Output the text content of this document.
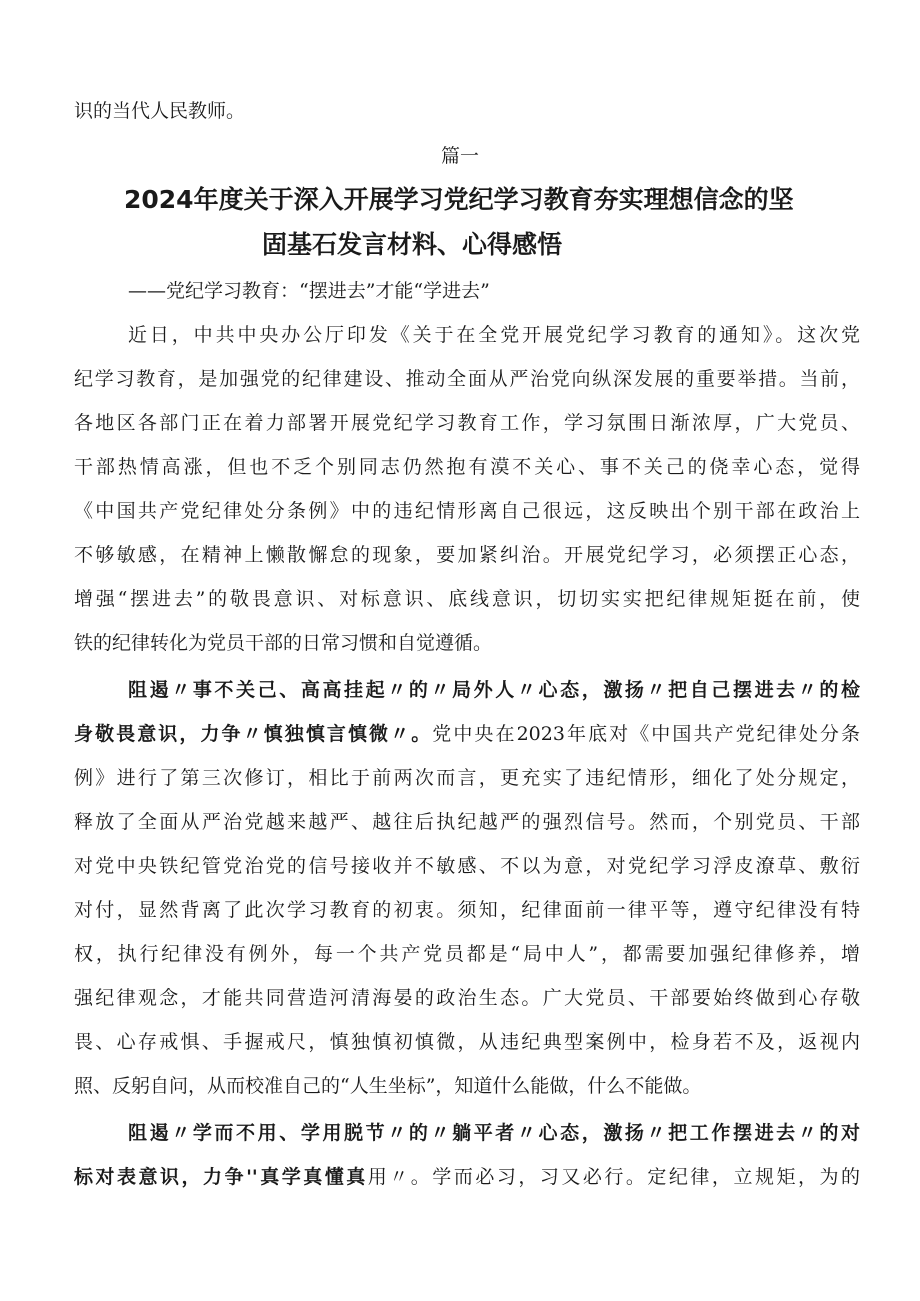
识的当代人民教师。
篇一
2024年度关于深入开展学习党纪学习教育夯实理想信念的坚
固基石发言材料、心得感悟
——党纪学习教育：“摆进去”才能“学进去”
近日，中共中央办公厅印发《关于在全党开展党纪学习教育的通知》。这次党
纪学习教育，是加强党的纪律建设、推动全面从严治党向纵深发展的重要举措。当前，
各地区各部门正在着力部署开展党纪学习教育工作，学习氛围日渐浓厚，广大党员、
干部热情高涨，但也不乏个别同志仍然抱有漠不关心、事不关己的侥幸心态，觉得
《中国共产党纪律处分条例》中的违纪情形离自己很远，这反映出个别干部在政治上
不够敏感，在精神上懒散懈怠的现象，要加紧纠治。开展党纪学习，必须摆正心态，
增强“摆进去”的敬畏意识、对标意识、底线意识，切切实实把纪律规矩挺在前，使
铁的纪律转化为党员干部的日常习惯和自觉遵循。
阻遏〃事不关己、高高挂起〃的〃局外人〃心态，激扬〃把自己摆进去〃的检
身敬畏意识，力争〃慎独慎言慎微〃。党中央在2023年底对《中国共产党纪律处分条
例》进行了第三次修订，相比于前两次而言，更充实了违纪情形，细化了处分规定，
释放了全面从严治党越来越严、越往后执纪越严的强烈信号。然而，个别党员、干部
对党中央铁纪管党治党的信号接收并不敏感、不以为意，对党纪学习浮皮潦草、敷衍
对付，显然背离了此次学习教育的初衷。须知，纪律面前一律平等，遵守纪律没有特
权，执行纪律没有例外，每一个共产党员都是“局中人”，都需要加强纪律修养，增
强纪律观念，才能共同营造河清海晏的政治生态。广大党员、干部要始终做到心存敬
畏、心存戒惧、手握戒尺，慎独慎初慎微，从违纪典型案例中，检身若不及，返视内
照、反躬自问，从而校准自己的“人生坐标”，知道什么能做，什么不能做。
阻遏〃学而不用、学用脱节〃的〃躺平者〃心态，激扬〃把工作摆进去〃的对
标对表意识，力争''真学真懂真用〃。学而必习，习又必行。定纪律，立规矩，为的
